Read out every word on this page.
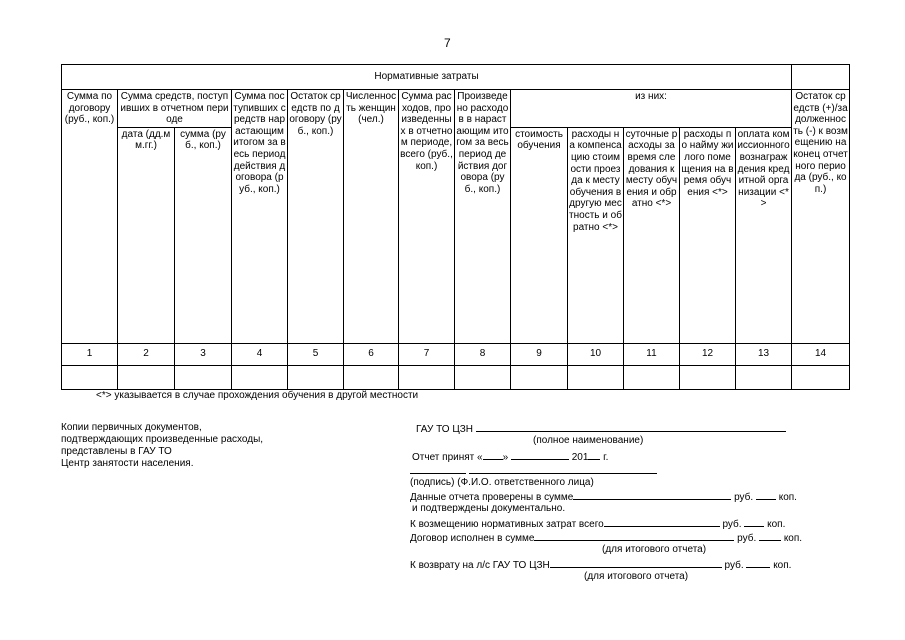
7
Нормативные затраты													
Сумма по договору (руб., коп.)	Сумма средств, поступивших в отчетном периоде		Сумма поступивших средств нарастающим итогом за весь период действия договора (руб., коп.)	Остаток средств по договору (руб., коп.)	Численность женщин (чел.)	Сумма расходов, произведенных в отчетном периоде, всего (руб., коп.)	Произведено расходов в нарастающим итогом за весь период действия договора (руб., коп.)	из них:					Остаток средств (+)/задолженность (-) к возмещению на конец отчетного периода (руб., коп.)
	дата (дд.мм.гг.)	сумма (руб., коп.)						стоимость обучения	расходы на компенсацию стоимости проезда к месту обучения в другую местность и обратно <*>	суточные расходы за время следования к месту обучения и обратно <*>	расходы по найму жилого помещения на время обучения <*>	оплата комиссионного вознаграждения кредитной организации <*>	
1	2	3	4	5	6	7	8	9	10	11	12	13	14

<*> указывается в случае прохождения обучения в другой местности
Копии первичных документов,
подтверждающих произведенные расходы,
представлены в ГАУ ТО
Центр занятости населения.
ГАУ ТО ЦЗН
(полное наименование)
Отчет принят « »	201 г.

(подпись) (Ф.И.О. ответственного лица)
Данные отчета проверены в сумме	руб.	коп.
и подтверждены документально.
К возмещению нормативных затрат всего	руб.	коп.
Договор исполнен в сумме	руб.	коп.
(для итогового отчета)
К возврату на л/с ГАУ ТО ЦЗН	руб.	коп.
(для итогового отчета)
